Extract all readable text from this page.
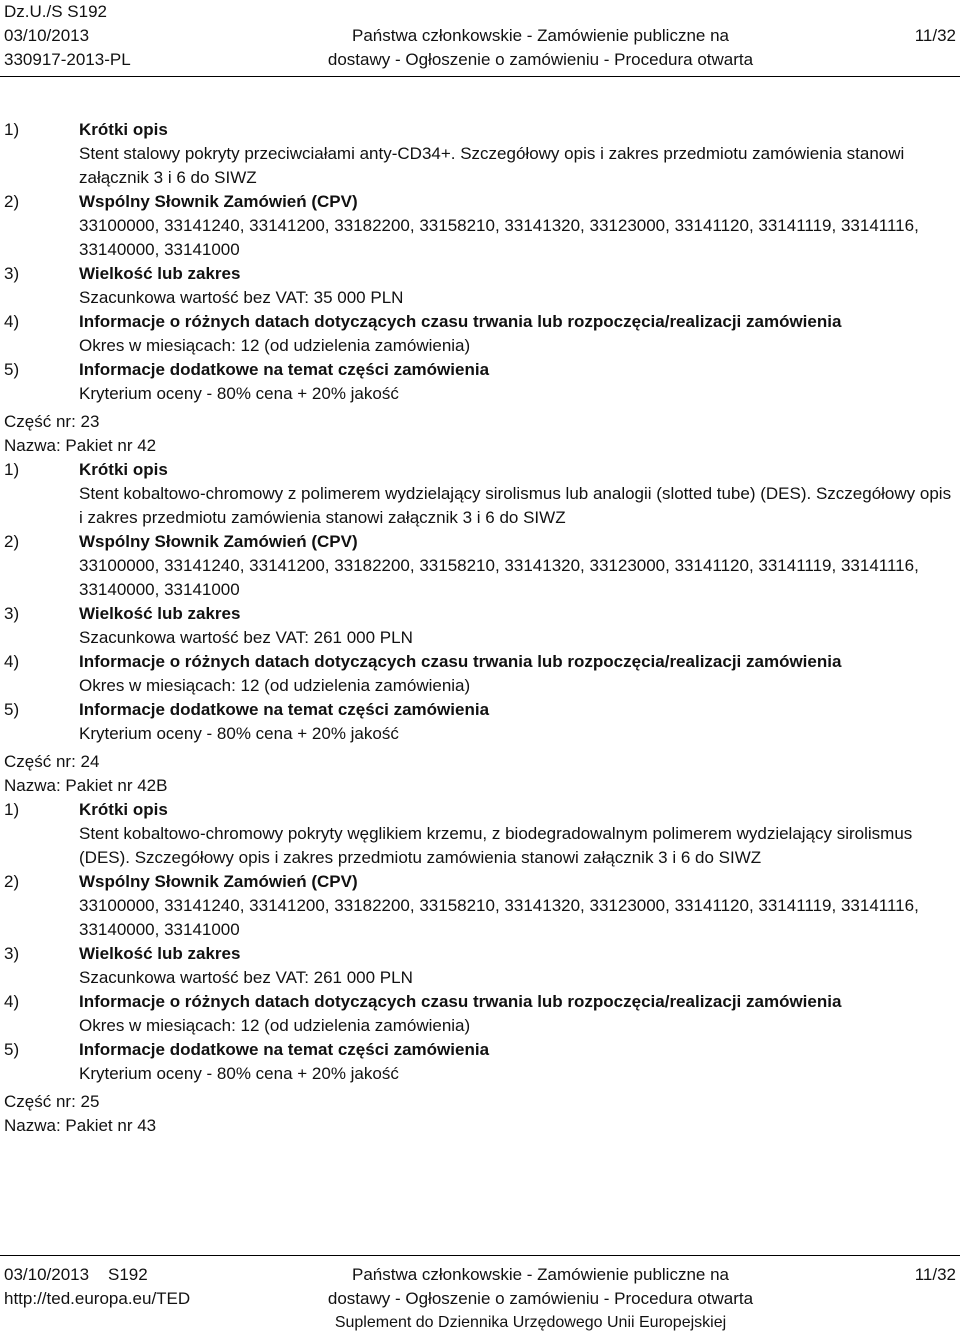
Dz.U./S S192
03/10/2013
330917-2013-PL
Państwa członkowskie - Zamówienie publiczne na
dostawy - Ogłoszenie o zamówieniu - Procedura otwarta
11/32
1)	Krótki opis
Stent stalowy pokryty przeciwciałami anty-CD34+. Szczegółowy opis i zakres przedmiotu zamówienia stanowi załącznik 3 i 6 do SIWZ
2)	Wspólny Słownik Zamówień (CPV)
33100000, 33141240, 33141200, 33182200, 33158210, 33141320, 33123000, 33141120, 33141119, 33141116, 33140000, 33141000
3)	Wielkość lub zakres
Szacunkowa wartość bez VAT: 35 000 PLN
4)	Informacje o różnych datach dotyczących czasu trwania lub rozpoczęcia/realizacji zamówienia
Okres w miesiącach: 12 (od udzielenia zamówienia)
5)	Informacje dodatkowe na temat części zamówienia
Kryterium oceny - 80% cena + 20% jakość
Część nr: 23
Nazwa: Pakiet nr 42
1)	Krótki opis
Stent kobaltowo-chromowy z polimerem wydzielający sirolismus lub analogii (slotted tube) (DES). Szczegółowy opis i zakres przedmiotu zamówienia stanowi załącznik 3 i 6 do SIWZ
2)	Wspólny Słownik Zamówień (CPV)
33100000, 33141240, 33141200, 33182200, 33158210, 33141320, 33123000, 33141120, 33141119, 33141116, 33140000, 33141000
3)	Wielkość lub zakres
Szacunkowa wartość bez VAT: 261 000 PLN
4)	Informacje o różnych datach dotyczących czasu trwania lub rozpoczęcia/realizacji zamówienia
Okres w miesiącach: 12 (od udzielenia zamówienia)
5)	Informacje dodatkowe na temat części zamówienia
Kryterium oceny - 80% cena + 20% jakość
Część nr: 24
Nazwa: Pakiet nr 42B
1)	Krótki opis
Stent kobaltowo-chromowy pokryty węglikiem krzemu, z biodegradowalnym polimerem wydzielający sirolismus (DES). Szczegółowy opis i zakres przedmiotu zamówienia stanowi załącznik 3 i 6 do SIWZ
2)	Wspólny Słownik Zamówień (CPV)
33100000, 33141240, 33141200, 33182200, 33158210, 33141320, 33123000, 33141120, 33141119, 33141116, 33140000, 33141000
3)	Wielkość lub zakres
Szacunkowa wartość bez VAT: 261 000 PLN
4)	Informacje o różnych datach dotyczących czasu trwania lub rozpoczęcia/realizacji zamówienia
Okres w miesiącach: 12 (od udzielenia zamówienia)
5)	Informacje dodatkowe na temat części zamówienia
Kryterium oceny - 80% cena + 20% jakość
Część nr: 25
Nazwa: Pakiet nr 43
03/10/2013    S192
http://ted.europa.eu/TED
Państwa członkowskie - Zamówienie publiczne na
dostawy - Ogłoszenie o zamówieniu - Procedura otwarta
Suplement do Dziennika Urzędowego Unii Europejskiej
11/32
